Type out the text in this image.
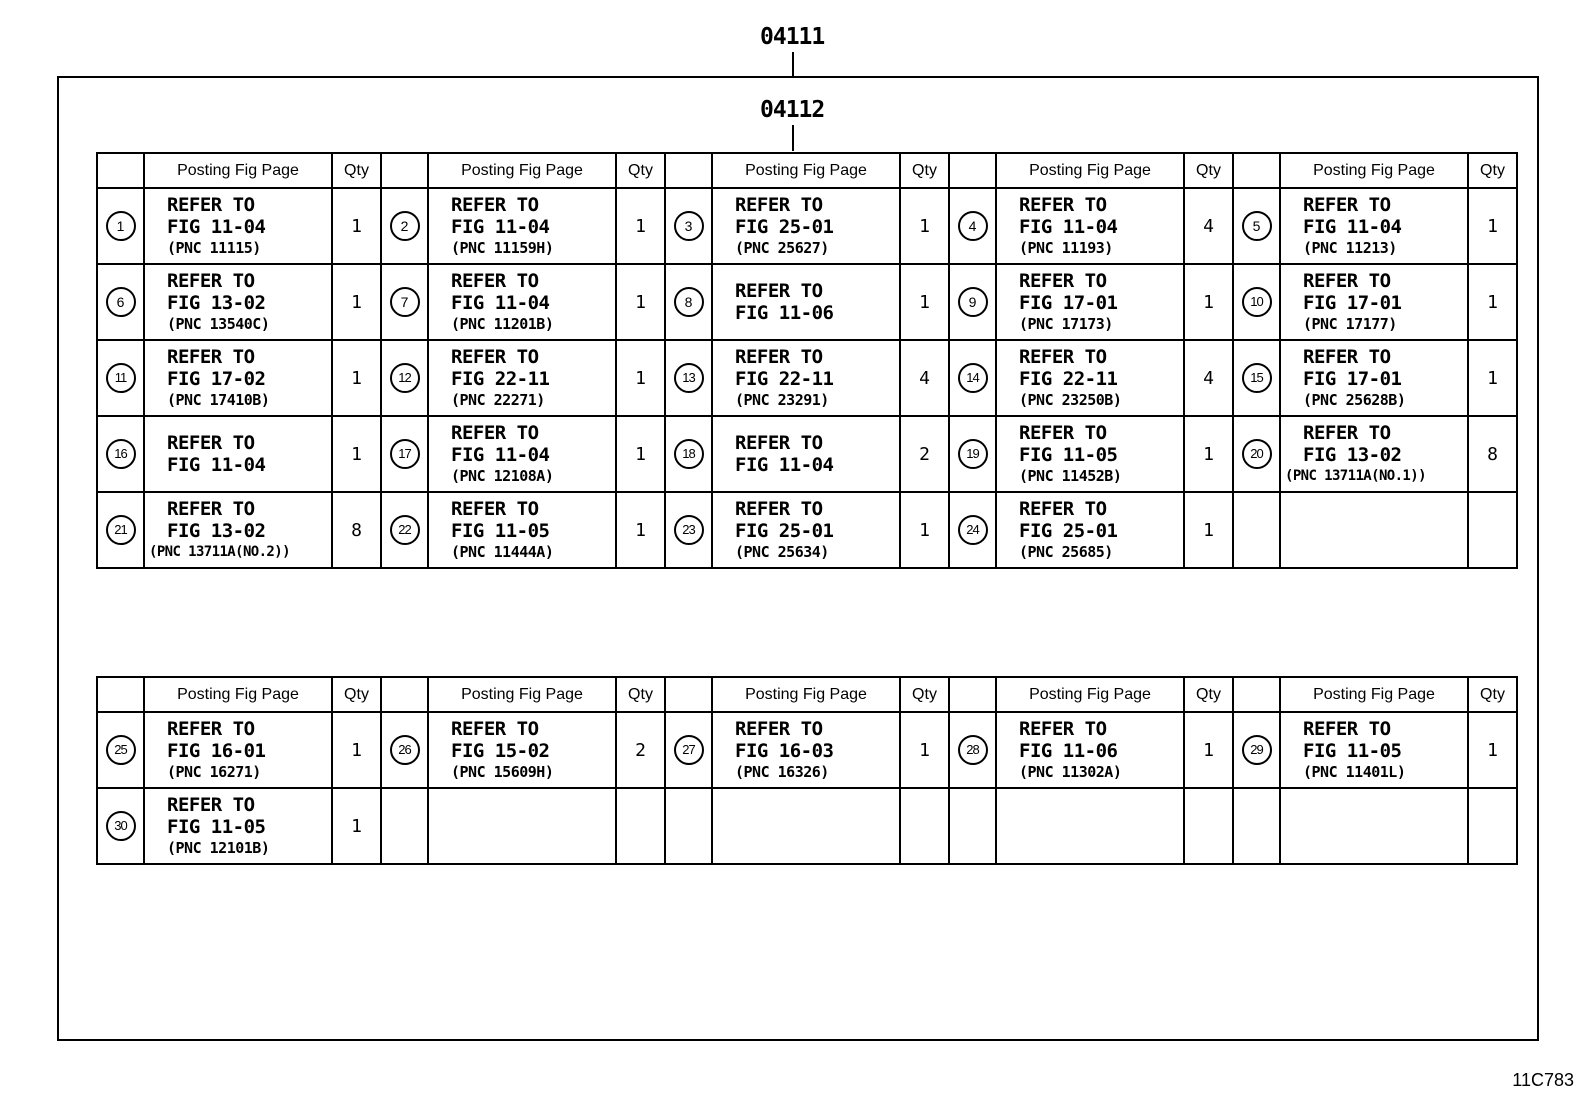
04111
04112
	Posting Fig Page	Qty		Posting Fig Page	Qty		Posting Fig Page	Qty		Posting Fig Page	Qty		Posting Fig Page	Qty
1	REFER TO
FIG 11-04
(PNC 11115)	1	2	REFER TO
FIG 11-04
(PNC 11159H)	1	3	REFER TO
FIG 25-01
(PNC 25627)	1	4	REFER TO
FIG 11-04
(PNC 11193)	4	5	REFER TO
FIG 11-04
(PNC 11213)	1
6	REFER TO
FIG 13-02
(PNC 13540C)	1	7	REFER TO
FIG 11-04
(PNC 11201B)	1	8	REFER TO
FIG 11-06	1	9	REFER TO
FIG 17-01
(PNC 17173)	1	10	REFER TO
FIG 17-01
(PNC 17177)	1
11	REFER TO
FIG 17-02
(PNC 17410B)	1	12	REFER TO
FIG 22-11
(PNC 22271)	1	13	REFER TO
FIG 22-11
(PNC 23291)	4	14	REFER TO
FIG 22-11
(PNC 23250B)	4	15	REFER TO
FIG 17-01
(PNC 25628B)	1
16	REFER TO
FIG 11-04	1	17	REFER TO
FIG 11-04
(PNC 12108A)	1	18	REFER TO
FIG 11-04	2	19	REFER TO
FIG 11-05
(PNC 11452B)	1	20	REFER TO
FIG 13-02
(PNC 13711A(NO.1))	8
21	REFER TO
FIG 13-02
(PNC 13711A(NO.2))	8	22	REFER TO
FIG 11-05
(PNC 11444A)	1	23	REFER TO
FIG 25-01
(PNC 25634)	1	24	REFER TO
FIG 25-01
(PNC 25685)	1			
	Posting Fig Page	Qty		Posting Fig Page	Qty		Posting Fig Page	Qty		Posting Fig Page	Qty		Posting Fig Page	Qty
25	REFER TO
FIG 16-01
(PNC 16271)	1	26	REFER TO
FIG 15-02
(PNC 15609H)	2	27	REFER TO
FIG 16-03
(PNC 16326)	1	28	REFER TO
FIG 11-06
(PNC 11302A)	1	29	REFER TO
FIG 11-05
(PNC 11401L)	1
30	REFER TO
FIG 11-05
(PNC 12101B)	1												
11C783
